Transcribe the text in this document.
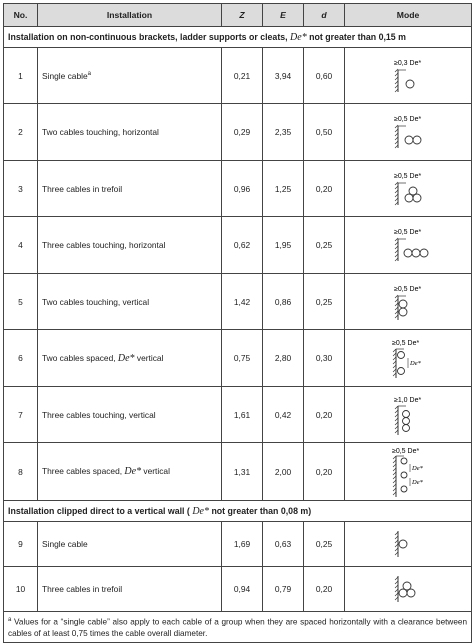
No.	Installation	Z	E	d	Mode
Installation on non-continuous brackets, ladder supports or cleats, De* not greater than 0,15 m					
1	Single cable$^a$	0,21	3,94	0,60	≥0,3 De*

2	Two cables touching, horizontal	0,29	2,35	0,50	≥0,5 De*

3	Three cables in trefoil	0,96	1,25	0,20	≥0,5 De*

4	Three cables touching, horizontal	0,62	1,95	0,25	≥0,5 De*

5	Two cables touching, vertical	1,42	0,86	0,25	≥0,5 De*

6	Two cables spaced, De* vertical	0,75	2,80	0,30	≥0,5 De*
De*

7	Three cables touching, vertical	1,61	0,42	0,20	≥1,0 De*

8	Three cables spaced, De* vertical	1,31	2,00	0,20	≥0,5 De*
De*
De*

Installation clipped direct to a vertical wall ( De* not greater than 0,08 m)					
9	Single cable	1,69	0,63	0,25	

10	Three cables in trefoil	0,94	0,79	0,20	

$^a$ Values for a “single cable” also apply to each cable of a group when they are spaced horizontally with a clearance between cables of at least 0,75 times the cable overall diameter.					
